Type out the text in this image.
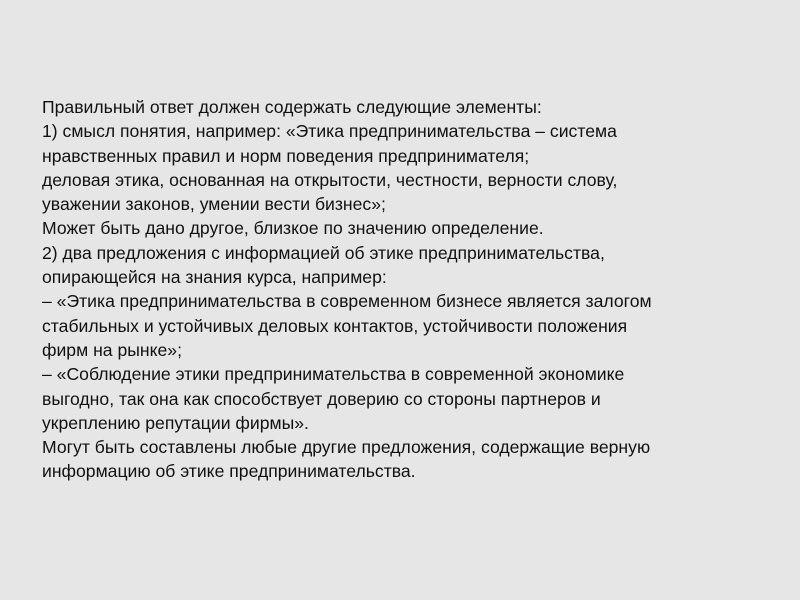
Правильный ответ должен содержать следующие элементы:
1) смысл понятия, например: «Этика предпринимательства – система
нравственных правил и норм поведения предпринимателя;
деловая этика, основанная на открытости, честности, верности слову,
уважении законов, умении вести бизнес»;
Может быть дано другое, близкое по значению определение.
2) два предложения с информацией об этике предпринимательства,
опирающейся на знания курса, например:
– «Этика предпринимательства в современном бизнесе является залогом
стабильных и устойчивых деловых контактов, устойчивости положения
фирм на рынке»;
– «Соблюдение этики предпринимательства в современной экономике
выгодно, так она как способствует доверию со стороны партнеров и
укреплению репутации фирмы».
Могут быть составлены любые другие предложения, содержащие верную
информацию об этике предпринимательства.
